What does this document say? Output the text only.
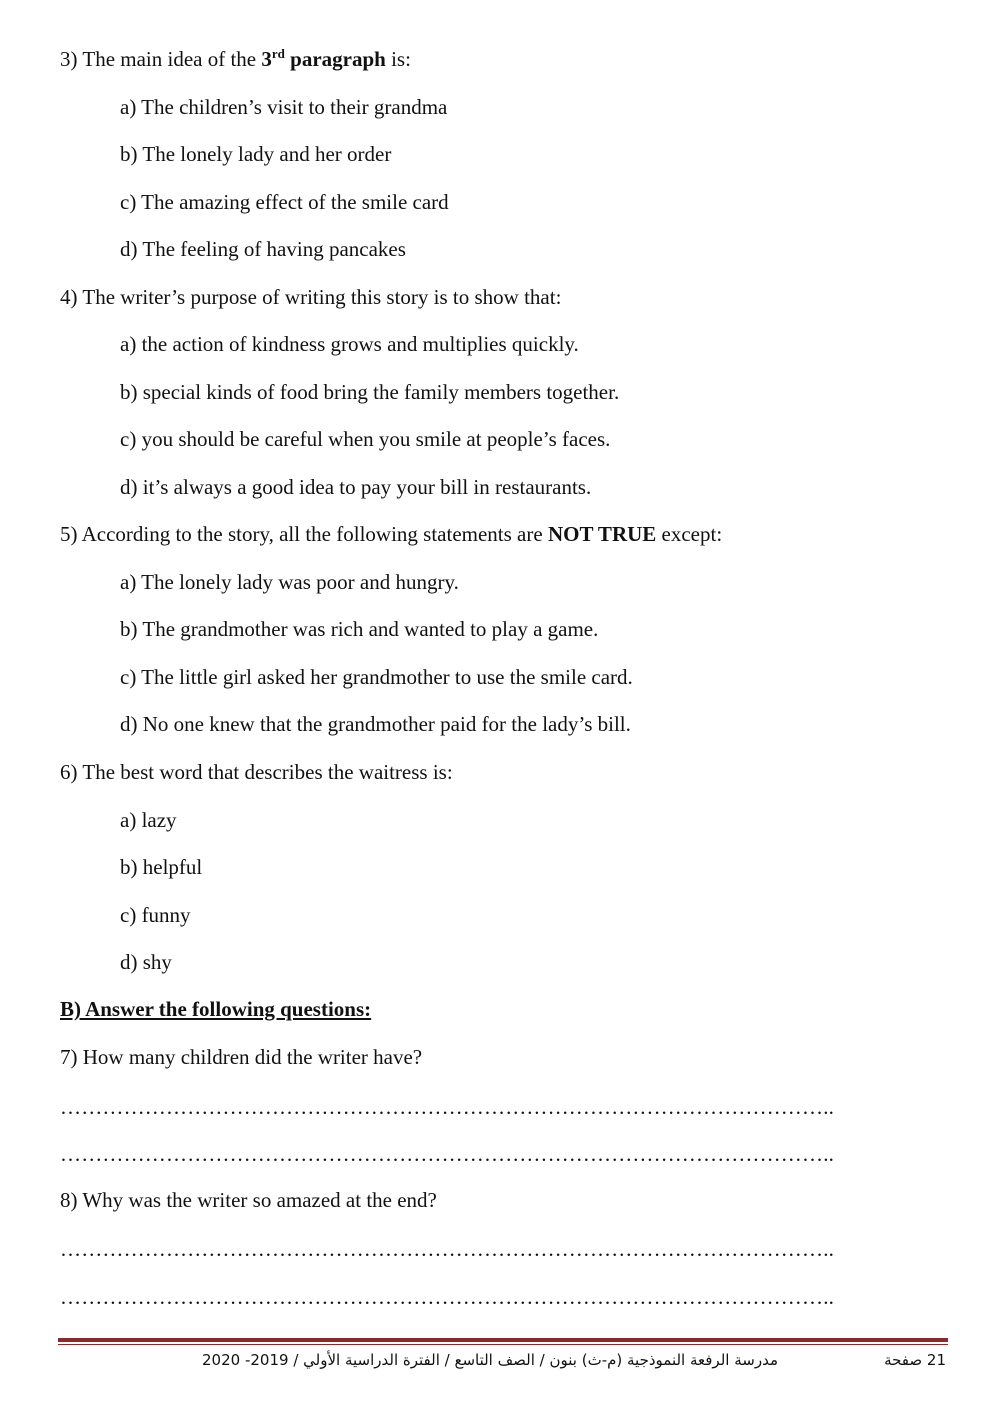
3) The main idea of the 3rd paragraph is:
a) The children’s visit to their grandma
b) The lonely lady and her order
c) The amazing effect of the smile card
d) The feeling of having pancakes
4) The writer’s purpose of writing this story is to show that:
a) the action of kindness grows and multiplies quickly.
b) special kinds of food bring the family members together.
c) you should be careful when you smile at people’s faces.
d) it’s always a good idea to pay your bill in restaurants.
5) According to the story, all the following statements are NOT TRUE except:
a) The lonely lady was poor and hungry.
b) The grandmother was rich and wanted to play a game.
c) The little girl asked her grandmother to use the smile card.
d) No one knew that the grandmother paid for the lady’s bill.
6) The best word that describes the waitress is:
a) lazy
b) helpful
c) funny
d) shy
B) Answer the following questions:
7) How many children did the writer have?
………………………………………………………………………………………………..
………………………………………………………………………………………………..
8) Why was the writer so amazed at the end?
………………………………………………………………………………………………..
………………………………………………………………………………………………..
مدرسة الرفعة النموذجية (م-ث) بنون / الصف التاسع / الفترة الدراسية الأولي / 2019- 2020	21 صفحة
